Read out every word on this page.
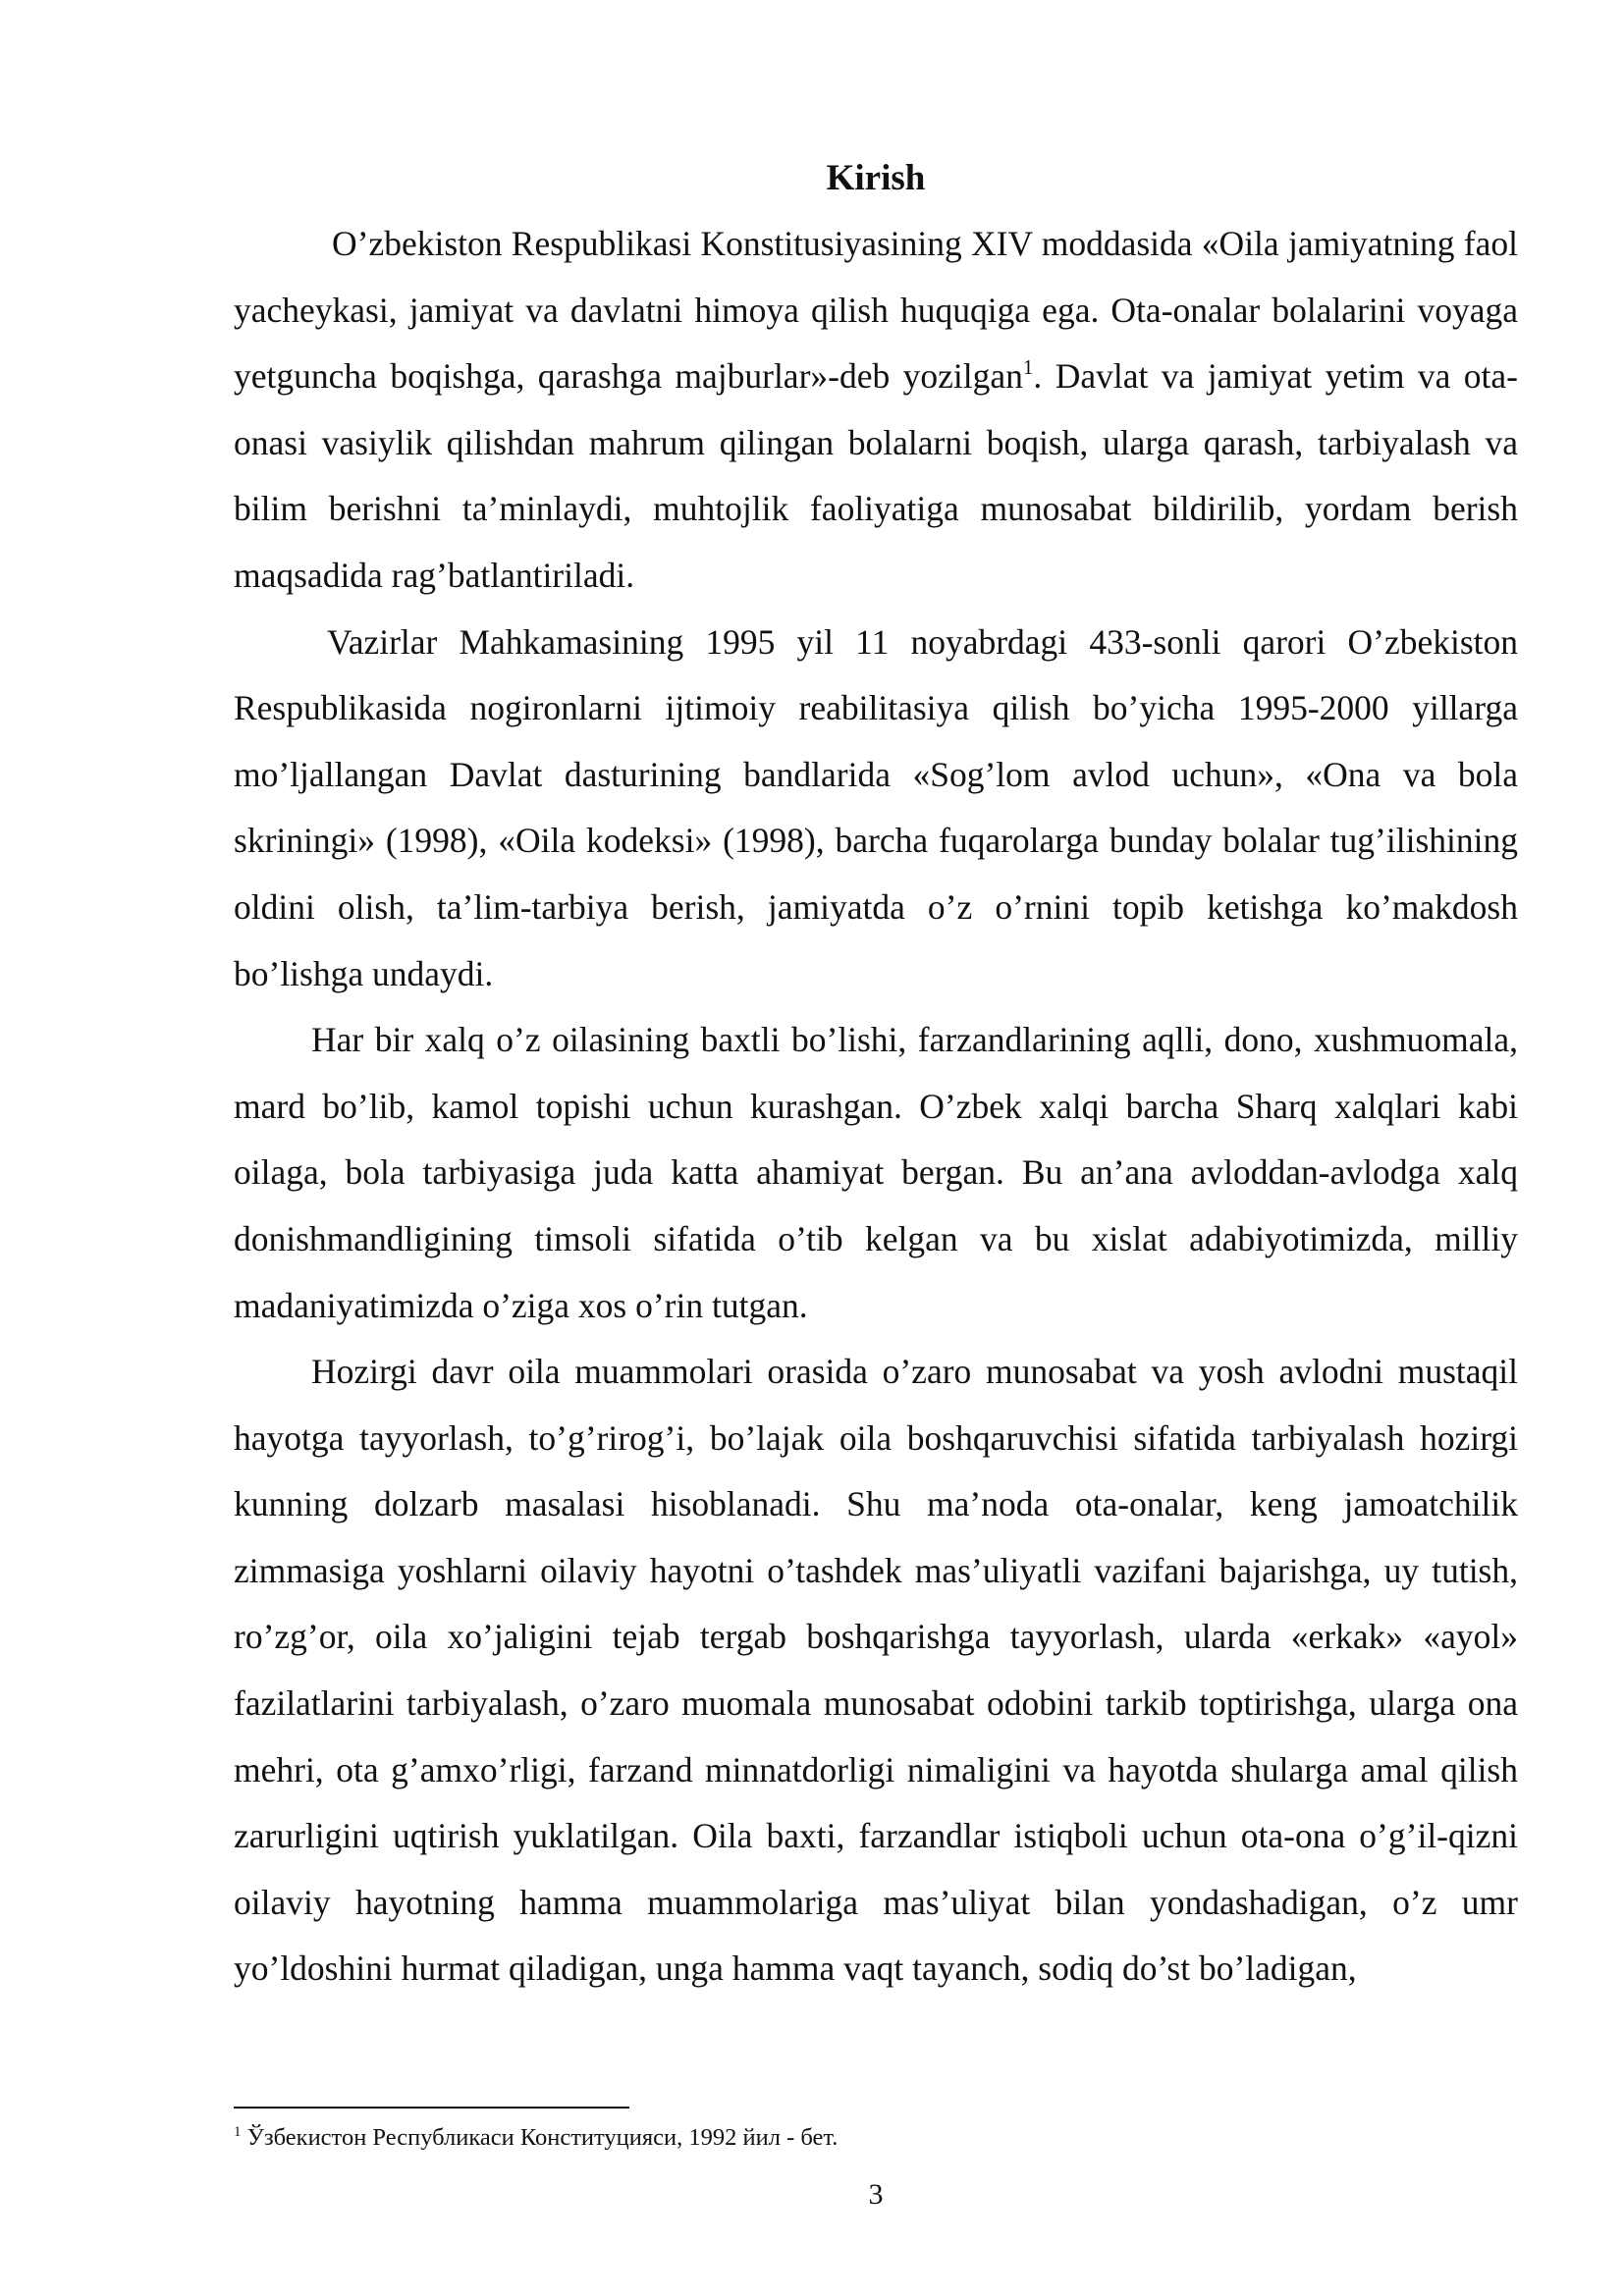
Kirish

O’zbekiston Respublikasi Konstitusiyasining XIV moddasida «Oila jamiyatning faol yacheykasi, jamiyat va davlatni himoya qilish huquqiga ega. Ota-onalar bolalarini voyaga yetguncha boqishga, qarashga majburlar»-deb yozilgan$^1$. Davlat va jamiyat yetim va ota-onasi vasiylik qilishdan mahrum qilingan bolalarni boqish, ularga qarash, tarbiyalash va bilim berishni ta’minlaydi, muhtojlik faoliyatiga munosabat bildirilib, yordam berish maqsadida rag’batlantiriladi.

Vazirlar Mahkamasining 1995 yil 11 noyabrdagi 433-sonli qarori O’zbekiston Respublikasida nogironlarni ijtimoiy reabilitasiya qilish bo’yicha 1995-2000 yillarga mo’ljallangan Davlat dasturining bandlarida «Sog’lom avlod uchun», «Ona va bola skriningi» (1998), «Oila kodeksi» (1998), barcha fuqarolarga bunday bolalar tug’ilishining oldini olish, ta’lim-tarbiya berish, jamiyatda o’z o’rnini topib ketishga ko’makdosh bo’lishga undaydi.

Har bir xalq o’z oilasining baxtli bo’lishi, farzandlarining aqlli, dono, xushmuomala, mard bo’lib, kamol topishi uchun kurashgan. O’zbek xalqi barcha Sharq xalqlari kabi oilaga, bola tarbiyasiga juda katta ahamiyat bergan. Bu an’ana avloddan-avlodga xalq donishmandligining timsoli sifatida o’tib kelgan va bu xislat adabiyotimizda, milliy madaniyatimizda o’ziga xos o’rin tutgan.

Hozirgi davr oila muammolari orasida o’zaro munosabat va yosh avlodni mustaqil hayotga tayyorlash, to’g’rirog’i, bo’lajak oila boshqaruvchisi sifatida tarbiyalash hozirgi kunning dolzarb masalasi hisoblanadi. Shu ma’noda ota-onalar, keng jamoatchilik zimmasiga yoshlarni oilaviy hayotni o’tashdek mas’uliyatli vazifani bajarishga, uy tutish, ro’zg’or, oila xo’jaligini tejab tergab boshqarishga tayyorlash, ularda «erkak» «ayol» fazilatlarini tarbiyalash, o’zaro muomala munosabat odobini tarkib toptirishga, ularga ona mehri, ota g’amxo’rligi, farzand minnatdorligi nimaligini va hayotda shularga amal qilish zarurligini uqtirish yuklatilgan. Oila baxti, farzandlar istiqboli uchun ota-ona o’g’il-qizni oilaviy hayotning hamma muammolariga mas’uliyat bilan yondashadigan, o’z umr yo’ldoshini hurmat qiladigan, unga hamma vaqt tayanch, sodiq do’st bo’ladigan,

$^1$ Ўзбекистон Республикаси Конституцияси, 1992 йил - бет.
3
